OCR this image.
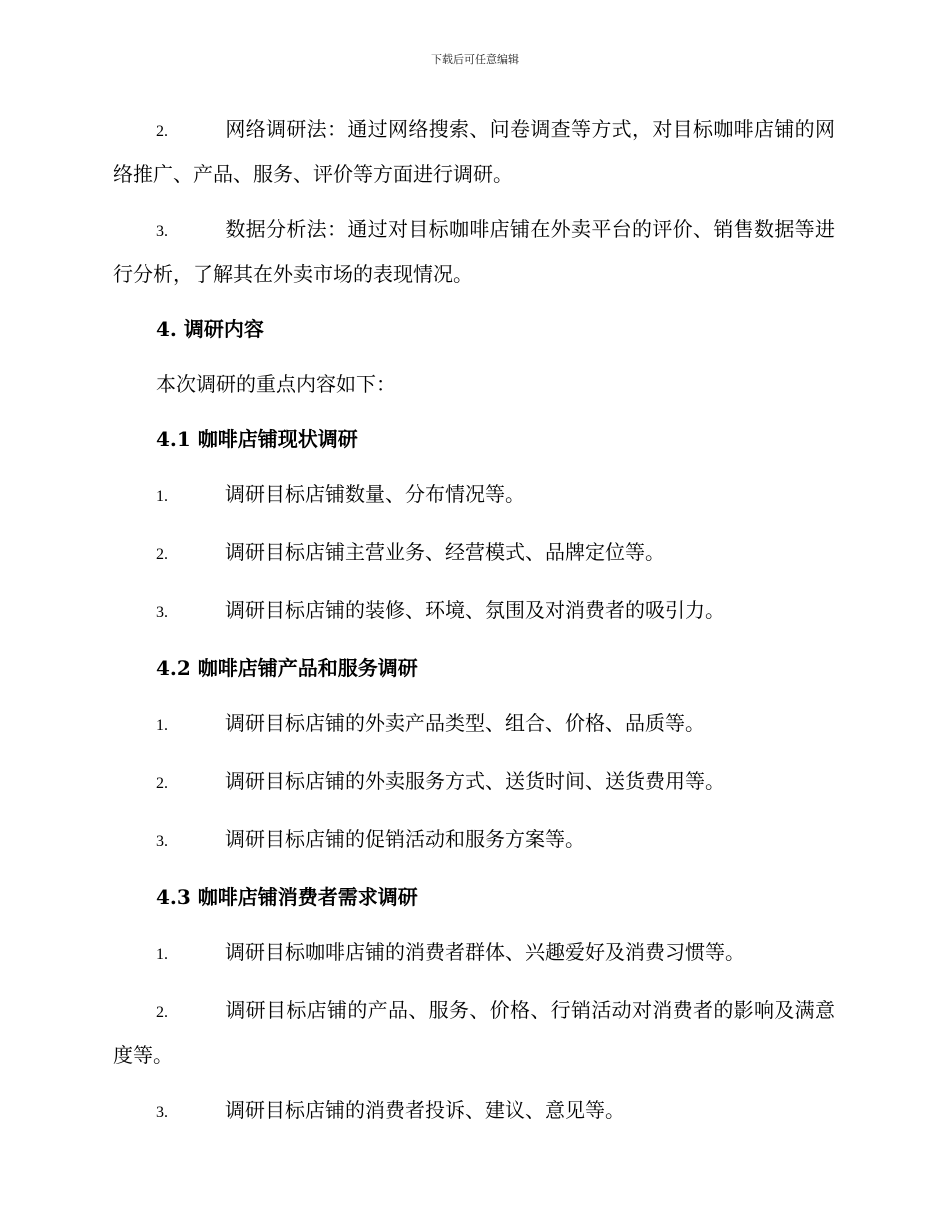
下载后可任意编辑

2.	网络调研法：通过网络搜索、问卷调查等方式，对目标咖啡店铺的网络推广、产品、服务、评价等方面进行调研。

3.	数据分析法：通过对目标咖啡店铺在外卖平台的评价、销售数据等进行分析，了解其在外卖市场的表现情况。

4. 调研内容

本次调研的重点内容如下：

4.1 咖啡店铺现状调研

1.	调研目标店铺数量、分布情况等。

2.	调研目标店铺主营业务、经营模式、品牌定位等。

3.	调研目标店铺的装修、环境、氛围及对消费者的吸引力。

4.2 咖啡店铺产品和服务调研

1.	调研目标店铺的外卖产品类型、组合、价格、品质等。

2.	调研目标店铺的外卖服务方式、送货时间、送货费用等。

3.	调研目标店铺的促销活动和服务方案等。

4.3 咖啡店铺消费者需求调研

1.	调研目标咖啡店铺的消费者群体、兴趣爱好及消费习惯等。

2.	调研目标店铺的产品、服务、价格、行销活动对消费者的影响及满意度等。

3.	调研目标店铺的消费者投诉、建议、意见等。
